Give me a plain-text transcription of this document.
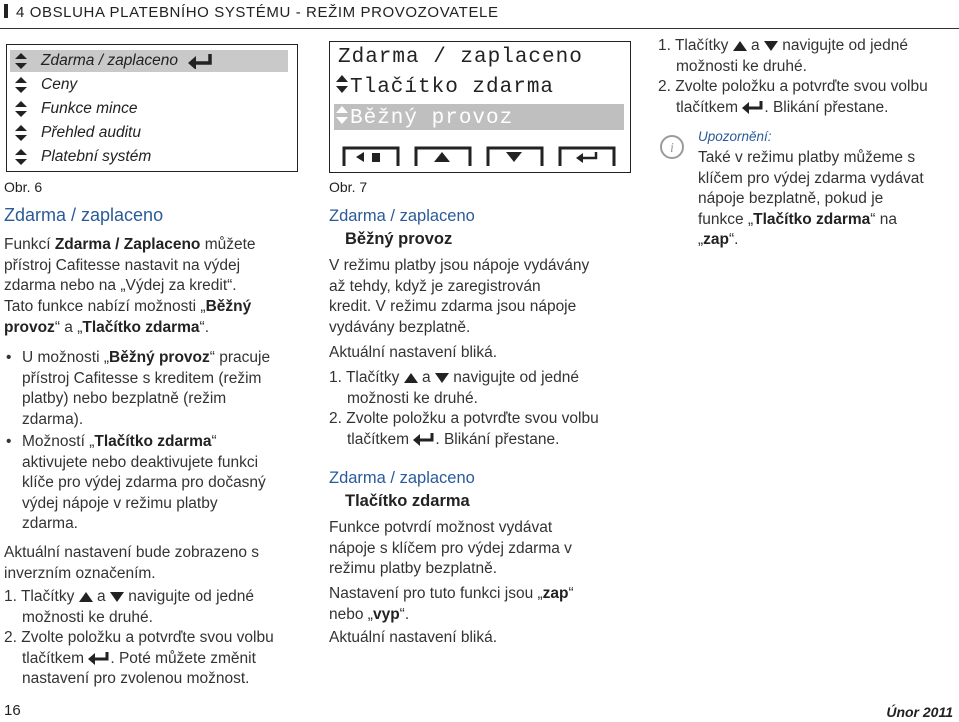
4 OBSLUHA PLATEBNÍHO SYSTÉMU - REŽIM PROVOZOVATELE
Zdarma / zaplaceno
Ceny
Funkce mince
Přehled auditu
Platební systém
Obr. 6
Zdarma / zaplaceno
Tlačítko zdarma
Běžný provoz
Obr. 7
Zdarma / zaplaceno
Funkcí Zdarma / Zaplaceno můžete
přístroj Cafitesse nastavit na výdej
zdarma nebo na „Výdej za kredit“.
Tato funkce nabízí možnosti „Běžný
provoz“ a „Tlačítko zdarma“.
• U možnosti „Běžný provoz“ pracuje
přístroj Cafitesse s kreditem (režim
platby) nebo bezplatně (režim
zdarma).
• Možností „Tlačítko zdarma“
aktivujete nebo deaktivujete funkci
klíče pro výdej zdarma pro dočasný
výdej nápoje v režimu platby
zdarma.
Aktuální nastavení bude zobrazeno s
inverzním označením.
1. Tlačítky  a  navigujte od jedné
možnosti ke druhé.
2. Zvolte položku a potvrďte svou volbu
tlačítkem . Poté můžete změnit
nastavení pro zvolenou možnost.
Zdarma / zaplaceno
Běžný provoz
V režimu platby jsou nápoje vydávány
až tehdy, když je zaregistrován
kredit. V režimu zdarma jsou nápoje
vydávány bezplatně.
Aktuální nastavení bliká.
1. Tlačítky  a  navigujte od jedné
možnosti ke druhé.
2. Zvolte položku a potvrďte svou volbu
tlačítkem . Blikání přestane.
Zdarma / zaplaceno
Tlačítko zdarma
Funkce potvrdí možnost vydávat
nápoje s klíčem pro výdej zdarma v
režimu platby bezplatně.
Nastavení pro tuto funkci jsou „zap“
nebo „vyp“.
Aktuální nastavení bliká.
1. Tlačítky  a  navigujte od jedné
možnosti ke druhé.
2. Zvolte položku a potvrďte svou volbu
tlačítkem . Blikání přestane.
i
Upozornění:
Také v režimu platby můžeme s
klíčem pro výdej zdarma vydávat
nápoje bezplatně, pokud je
funkce „Tlačítko zdarma“ na
„zap“.
16	Únor 2011
